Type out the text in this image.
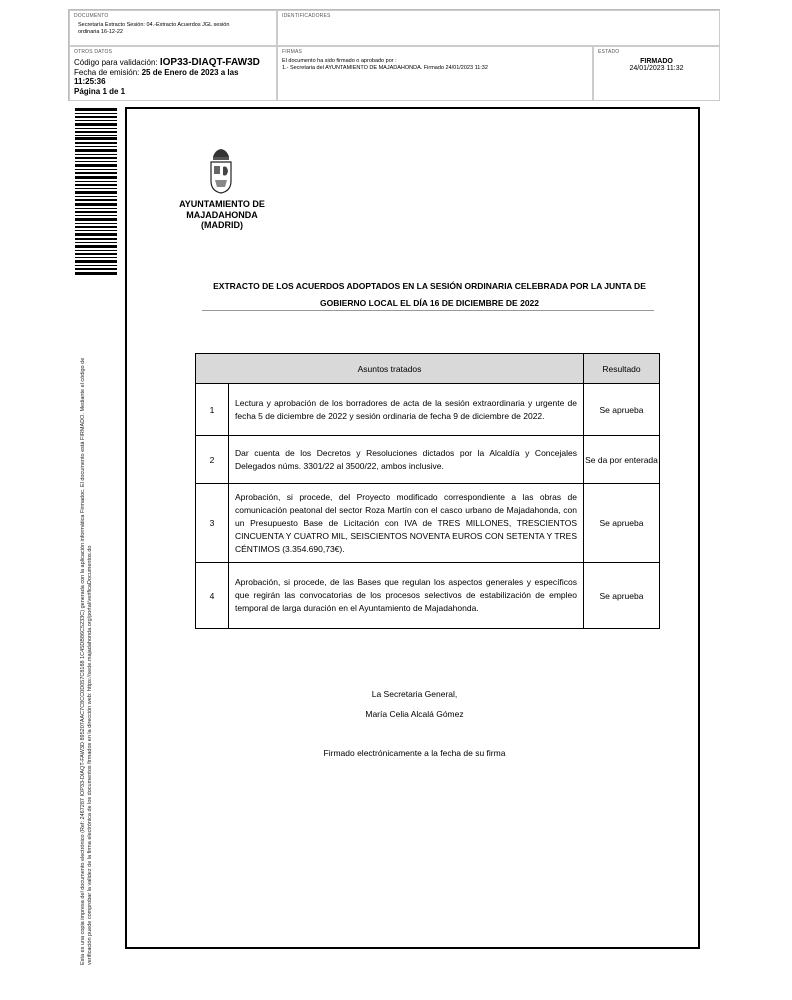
DOCUMENTO
Secretaría Extracto Sesión: 04.-Extracto Acuerdos JGL sesión ordinaria 16-12-22
IDENTIFICADORES
OTROS DATOS
Código para validación: IOP33-DIAQT-FAW3D
Fecha de emisión: 25 de Enero de 2023 a las 11:25:36
Página 1 de 1
FIRMAS
El documento ha sido firmado o aprobado por :
1.- Secretaria del AYUNTAMIENTO DE MAJADAHONDA. Firmado 24/01/2023 11:32
ESTADO
FIRMADO
24/01/2023 11:32
Esta es una copia impresa del documento electrónico (Ref: 2467287 IOP33-DIAQT-FAW3D 895207AAC7C8CC0D057C8188 1C45DB86C5233C) generada con la aplicación informática Firmadoc. El documento está FIRMADO. Mediante el código de verificación puede comprobar la validez de la firma electrónica de los documentos firmados en la dirección web: https://sede.majadahonda.org/portal/verificaDocumentos.do
AYUNTAMIENTO DE
MAJADAHONDA
(MADRID)
EXTRACTO DE LOS ACUERDOS ADOPTADOS EN LA SESIÓN ORDINARIA CELEBRADA POR LA JUNTA DE
GOBIERNO LOCAL EL DÍA 16 DE DICIEMBRE DE 2022
Asuntos tratados		Resultado
1	Lectura y aprobación de los borradores de acta de la sesión extraordinaria y urgente de fecha 5 de diciembre de 2022 y sesión ordinaria de fecha 9 de diciembre de 2022.	Se aprueba
2	Dar cuenta de los Decretos y Resoluciones dictados por la Alcaldía y Concejales Delegados núms. 3301/22 al 3500/22, ambos inclusive.	Se da por enterada
3	Aprobación, si procede, del Proyecto modificado correspondiente a las obras de comunicación peatonal del sector Roza Martín con el casco urbano de Majadahonda, con un Presupuesto Base de Licitación con IVA de TRES MILLONES, TRESCIENTOS CINCUENTA Y CUATRO MIL, SEISCIENTOS NOVENTA EUROS CON SETENTA Y TRES CÉNTIMOS (3.354.690,73€).	Se aprueba
4	Aprobación, si procede, de las Bases que regulan los aspectos generales y específicos que regirán las convocatorias de los procesos selectivos de estabilización de empleo temporal de larga duración en el Ayuntamiento de Majadahonda.	Se aprueba
La Secretaria General,
María Celia Alcalá Gómez
Firmado electrónicamente a la fecha de su firma
